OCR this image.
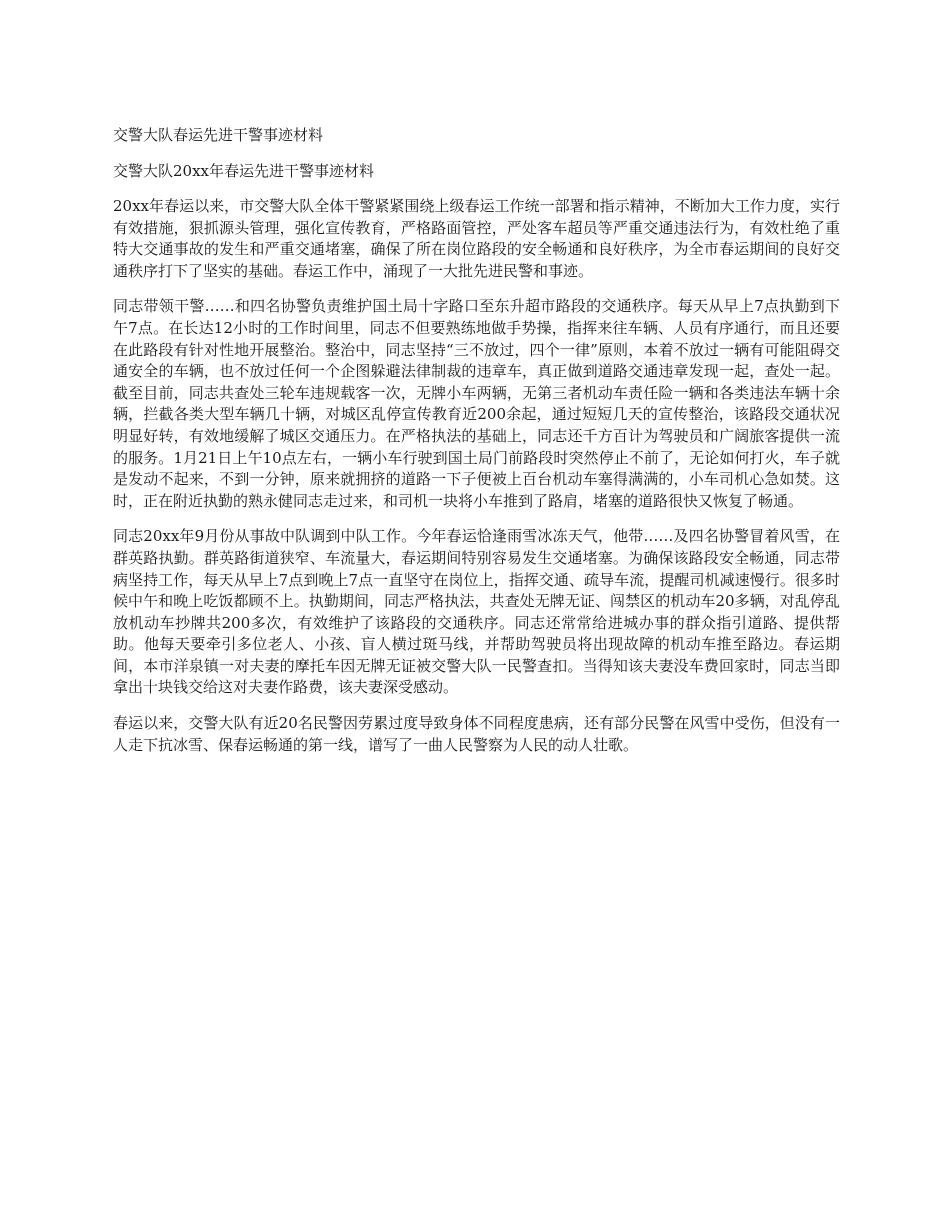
交警大队春运先进干警事迹材料

交警大队20xx年春运先进干警事迹材料

20xx年春运以来，市交警大队全体干警紧紧围绕上级春运工作统一部署和指示精神，不断加大工作力度，实行有效措施，狠抓源头管理，强化宣传教育，严格路面管控，严处客车超员等严重交通违法行为，有效杜绝了重特大交通事故的发生和严重交通堵塞，确保了所在岗位路段的安全畅通和良好秩序，为全市春运期间的良好交通秩序打下了坚实的基础。春运工作中，涌现了一大批先进民警和事迹。

同志带领干警……和四名协警负责维护国土局十字路口至东升超市路段的交通秩序。每天从早上7点执勤到下午7点。在长达12小时的工作时间里，同志不但要熟练地做手势操，指挥来往车辆、人员有序通行，而且还要在此路段有针对性地开展整治。整治中，同志坚持“三不放过，四个一律”原则，本着不放过一辆有可能阻碍交通安全的车辆，也不放过任何一个企图躲避法律制裁的违章车，真正做到道路交通违章发现一起，查处一起。截至目前，同志共查处三轮车违规载客一次，无牌小车两辆，无第三者机动车责任险一辆和各类违法车辆十余辆，拦截各类大型车辆几十辆，对城区乱停宣传教育近200余起，通过短短几天的宣传整治，该路段交通状况明显好转，有效地缓解了城区交通压力。在严格执法的基础上，同志还千方百计为驾驶员和广阔旅客提供一流的服务。1月21日上午10点左右，一辆小车行驶到国土局门前路段时突然停止不前了，无论如何打火，车子就是发动不起来，不到一分钟，原来就拥挤的道路一下子便被上百台机动车塞得满满的，小车司机心急如焚。这时，正在附近执勤的熟永健同志走过来，和司机一块将小车推到了路肩，堵塞的道路很快又恢复了畅通。

同志20xx年9月份从事故中队调到中队工作。今年春运恰逢雨雪冰冻天气，他带……及四名协警冒着风雪，在群英路执勤。群英路街道狭窄、车流量大，春运期间特别容易发生交通堵塞。为确保该路段安全畅通，同志带病坚持工作，每天从早上7点到晚上7点一直坚守在岗位上，指挥交通、疏导车流，提醒司机减速慢行。很多时候中午和晚上吃饭都顾不上。执勤期间，同志严格执法，共查处无牌无证、闯禁区的机动车20多辆，对乱停乱放机动车抄牌共200多次，有效维护了该路段的交通秩序。同志还常常给进城办事的群众指引道路、提供帮助。他每天要牵引多位老人、小孩、盲人横过斑马线，并帮助驾驶员将出现故障的机动车推至路边。春运期间，本市洋泉镇一对夫妻的摩托车因无牌无证被交警大队一民警查扣。当得知该夫妻没车费回家时，同志当即拿出十块钱交给这对夫妻作路费，该夫妻深受感动。

春运以来，交警大队有近20名民警因劳累过度导致身体不同程度患病，还有部分民警在风雪中受伤，但没有一人走下抗冰雪、保春运畅通的第一线，谱写了一曲人民警察为人民的动人壮歌。
